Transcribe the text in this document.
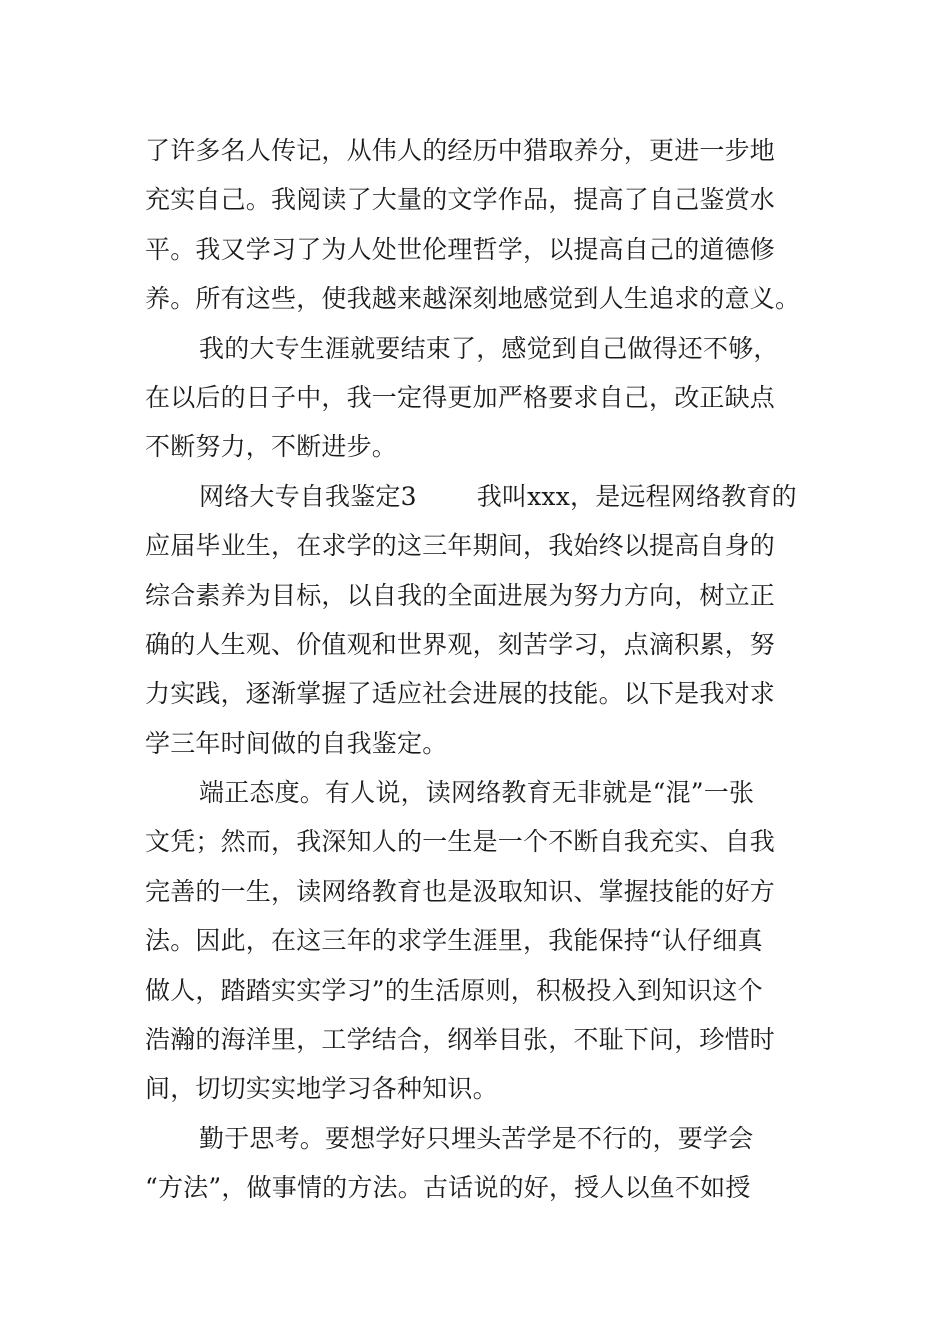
了许多名人传记，从伟人的经历中猎取养分，更进一步地
充实自己。我阅读了大量的文学作品，提高了自己鉴赏水
平。我又学习了为人处世伦理哲学，以提高自己的道德修
养。所有这些，使我越来越深刻地感觉到人生追求的意义。
我的大专生涯就要结束了，感觉到自己做得还不够，
在以后的日子中，我一定得更加严格要求自己，改正缺点
不断努力，不断进步。
网络大专自我鉴定3 我叫xxx，是远程网络教育的
应届毕业生，在求学的这三年期间，我始终以提高自身的
综合素养为目标，以自我的全面进展为努力方向，树立正
确的人生观、价值观和世界观，刻苦学习，点滴积累，努
力实践，逐渐掌握了适应社会进展的技能。以下是我对求
学三年时间做的自我鉴定。
端正态度。有人说，读网络教育无非就是“混”一张
文凭；然而，我深知人的一生是一个不断自我充实、自我
完善的一生，读网络教育也是汲取知识、掌握技能的好方
法。因此，在这三年的求学生涯里，我能保持“认仔细真
做人，踏踏实实学习”的生活原则，积极投入到知识这个
浩瀚的海洋里，工学结合，纲举目张，不耻下问，珍惜时
间，切切实实地学习各种知识。
勤于思考。要想学好只埋头苦学是不行的，要学会
“方法”，做事情的方法。古话说的好，授人以鱼不如授
